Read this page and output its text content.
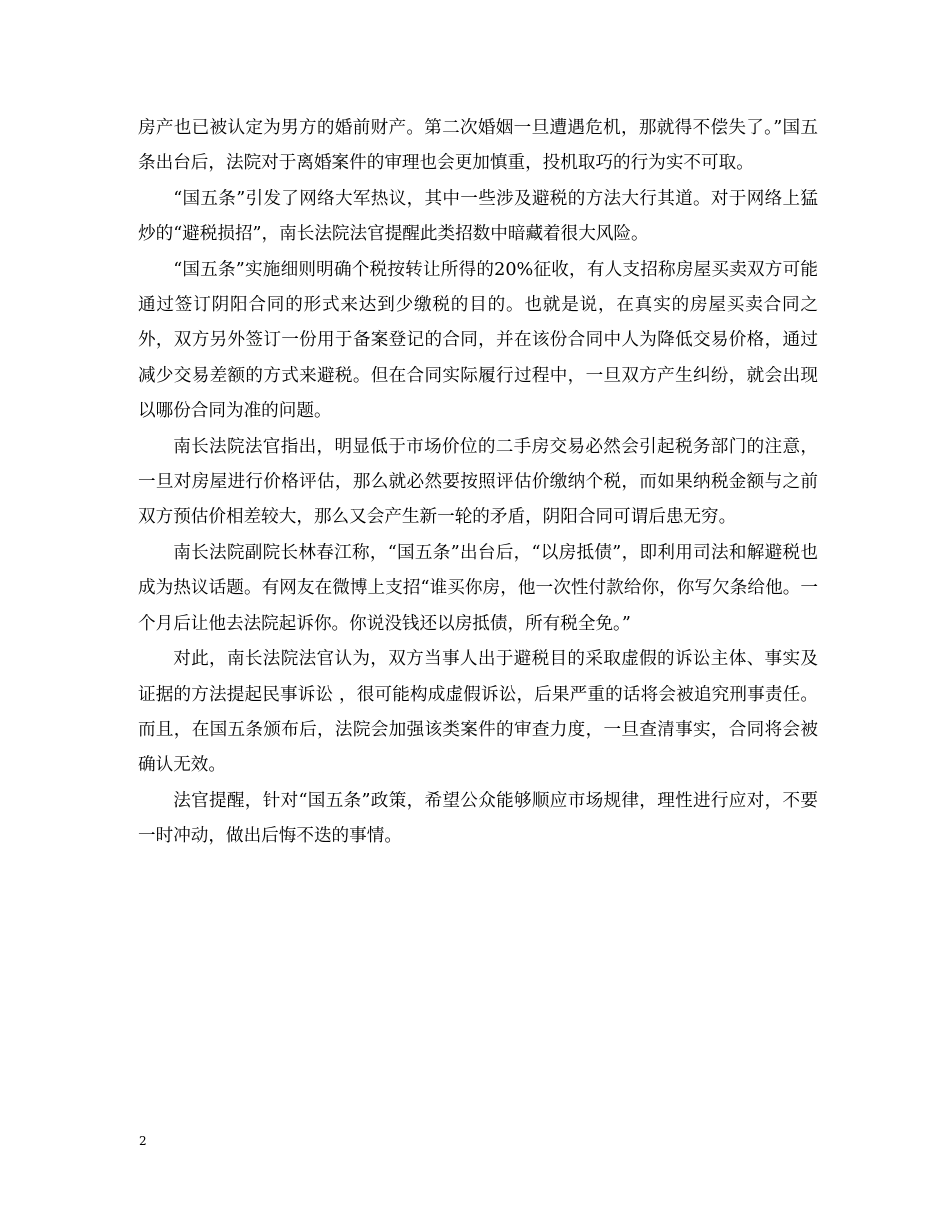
房产也已被认定为男方的婚前财产。第二次婚姻一旦遭遇危机，那就得不偿失了。”国五条出台后，法院对于离婚案件的审理也会更加慎重，投机取巧的行为实不可取。

“国五条”引发了网络大军热议，其中一些涉及避税的方法大行其道。对于网络上猛炒的“避税损招”，南长法院法官提醒此类招数中暗藏着很大风险。

“国五条”实施细则明确个税按转让所得的20%征收，有人支招称房屋买卖双方可能通过签订阴阳合同的形式来达到少缴税的目的。也就是说，在真实的房屋买卖合同之外，双方另外签订一份用于备案登记的合同，并在该份合同中人为降低交易价格，通过减少交易差额的方式来避税。但在合同实际履行过程中，一旦双方产生纠纷，就会出现以哪份合同为准的问题。

南长法院法官指出，明显低于市场价位的二手房交易必然会引起税务部门的注意，一旦对房屋进行价格评估，那么就必然要按照评估价缴纳个税，而如果纳税金额与之前双方预估价相差较大，那么又会产生新一轮的矛盾，阴阳合同可谓后患无穷。

南长法院副院长林春江称，“国五条”出台后，“以房抵债”，即利用司法和解避税也成为热议话题。有网友在微博上支招“谁买你房，他一次性付款给你，你写欠条给他。一个月后让他去法院起诉你。你说没钱还以房抵债，所有税全免。”

对此，南长法院法官认为，双方当事人出于避税目的采取虚假的诉讼主体、事实及证据的方法提起民事诉讼 ，很可能构成虚假诉讼，后果严重的话将会被追究刑事责任。而且，在国五条颁布后，法院会加强该类案件的审查力度，一旦查清事实，合同将会被确认无效。

法官提醒，针对“国五条”政策，希望公众能够顺应市场规律，理性进行应对，不要一时冲动，做出后悔不迭的事情。

2
